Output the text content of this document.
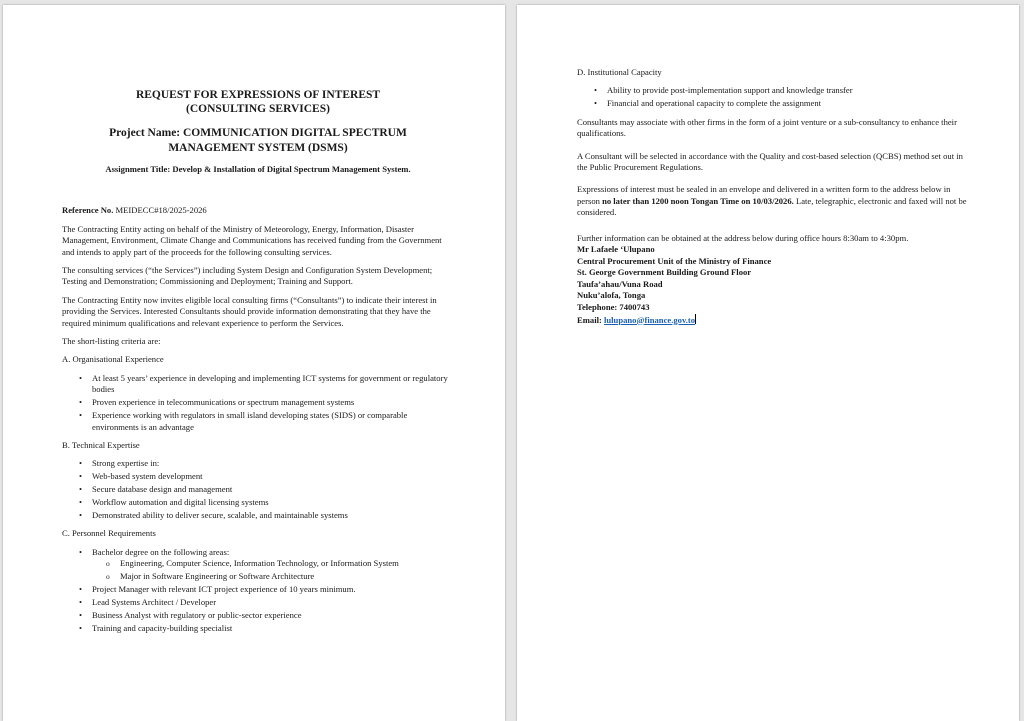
REQUEST FOR EXPRESSIONS OF INTEREST
(CONSULTING SERVICES)
Project Name: COMMUNICATION DIGITAL SPECTRUM
MANAGEMENT SYSTEM (DSMS)
Assignment Title: Develop & Installation of Digital Spectrum Management System.

Reference No. MEIDECC#18/2025-2026

The Contracting Entity acting on behalf of the Ministry of Meteorology, Energy, Information, Disaster Management, Environment, Climate Change and Communications has received funding from the Government and intends to apply part of the proceeds for the following consulting services.

The consulting services (“the Services”) including System Design and Configuration System Development; Testing and Demonstration; Commissioning and Deployment; Training and Support.

The Contracting Entity now invites eligible local consulting firms (“Consultants”) to indicate their interest in providing the Services. Interested Consultants should provide information demonstrating that they have the required minimum qualifications and relevant experience to perform the Services.

The short-listing criteria are:

A. Organisational Experience

• At least 5 years’ experience in developing and implementing ICT systems for government or regulatory bodies
• Proven experience in telecommunications or spectrum management systems
• Experience working with regulators in small island developing states (SIDS) or comparable environments is an advantage

B. Technical Expertise

• Strong expertise in:
• Web-based system development
• Secure database design and management
• Workflow automation and digital licensing systems
• Demonstrated ability to deliver secure, scalable, and maintainable systems

C. Personnel Requirements

• Bachelor degree on the following areas:
o Engineering, Computer Science, Information Technology, or Information System
o Major in Software Engineering or Software Architecture
• Project Manager with relevant ICT project experience of 10 years minimum.
• Lead Systems Architect / Developer
• Business Analyst with regulatory or public-sector experience
• Training and capacity-building specialist

D. Institutional Capacity

• Ability to provide post-implementation support and knowledge transfer
• Financial and operational capacity to complete the assignment

Consultants may associate with other firms in the form of a joint venture or a sub-consultancy to enhance their qualifications.

A Consultant will be selected in accordance with the Quality and cost-based selection (QCBS) method set out in the Public Procurement Regulations.

Expressions of interest must be sealed in an envelope and delivered in a written form to the address below in person no later than 1200 noon Tongan Time on 10/03/2026. Late, telegraphic, electronic and faxed will not be considered.

Further information can be obtained at the address below during office hours 8:30am to 4:30pm.

Mr Lafaele ‘Ulupano
Central Procurement Unit of the Ministry of Finance
St. George Government Building Ground Floor
Taufa’ahau/Vuna Road
Nuku’alofa, Tonga
Telephone: 7400743
Email: lulupano@finance.gov.to
